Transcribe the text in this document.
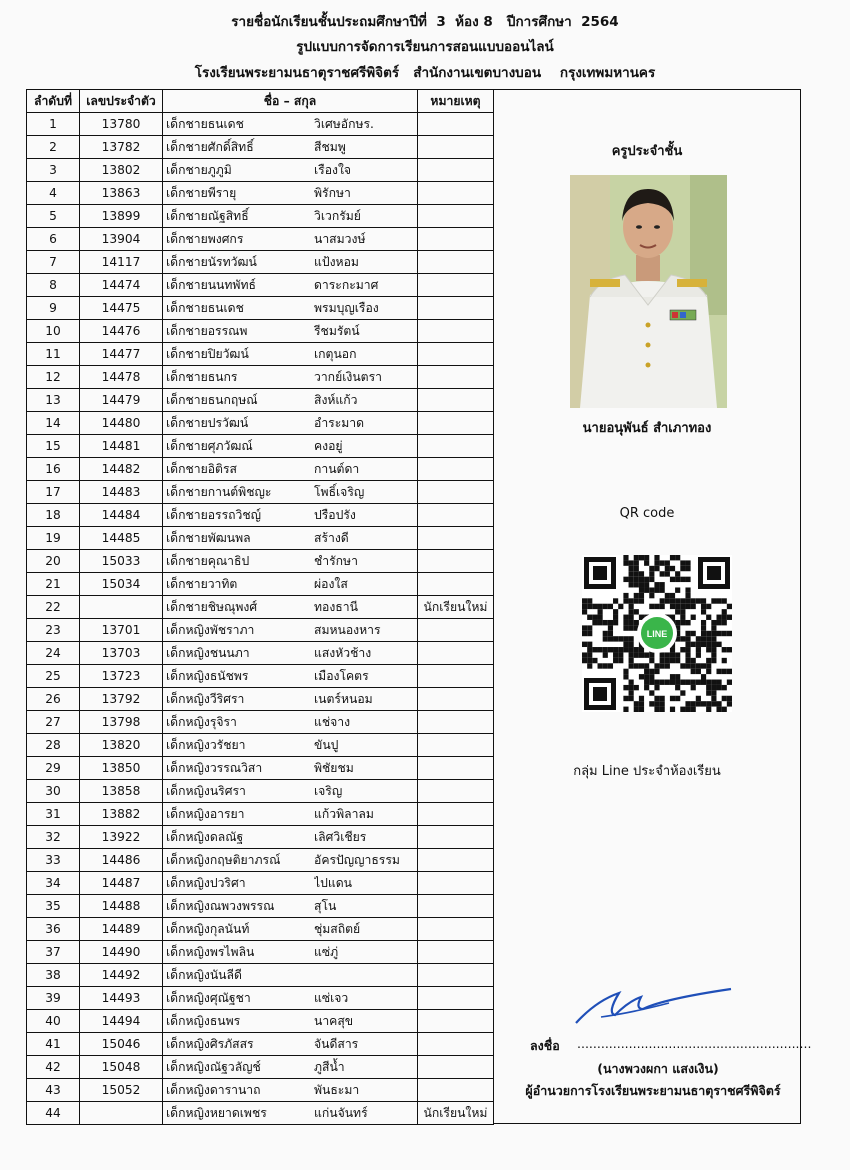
รายชื่อนักเรียนชั้นประถมศึกษาปีที่  3  ห้อง 8   ปีการศึกษา  2564
รูปแบบการจัดการเรียนการสอนแบบออนไลน์
โรงเรียนพระยามนธาตุราชศรีพิจิตร์   สำนักงานเขตบางบอน    กรุงเทพมหานคร
ลำดับที่	เลขประจำตัว	ชื่อ – สกุล	หมายเหตุ
1	13780	เด็กชายธนเดช วิเศษอักษร.	

2	13782	เด็กชายศักดิ์สิทธิ์ สีชมพู	

3	13802	เด็กชายภูภูมิ เรืองใจ	

4	13863	เด็กชายพีรายุ พิรักษา	

5	13899	เด็กชายณัฐสิทธิ์ วิเวกรัมย์	

6	13904	เด็กชายพงศกร นาสมวงษ์	

7	14117	เด็กชายนัรทวัฒน์ แป้งหอม	

8	14474	เด็กชายนนทพัทธ์ ดาระกะมาศ	

9	14475	เด็กชายธนเดช พรมบุญเรือง	

10	14476	เด็กชายอรรณพ รีชมรัตน์	

11	14477	เด็กชายปิยวัฒน์ เกตุนอก	

12	14478	เด็กชายธนกร วากย์เงินตรา	

13	14479	เด็กชายธนกฤษณ์ สิงห์แก้ว	

14	14480	เด็กชายปรวัฒน์ อำระมาด	

15	14481	เด็กชายศุภวัฒณ์ คงอยู่	

16	14482	เด็กชายอิติรส กานต์ดา	

17	14483	เด็กชายกานต์พิชญะ โพธิ์เจริญ	

18	14484	เด็กชายอรรถวิชญ์ ปรือปรัง	

19	14485	เด็กชายพัฒนพล สร้างดี	

20	15033	เด็กชายคุณาธิป ชำรักษา	

21	15034	เด็กชายวาทิต ผ่องใส	

22		เด็กชายชิษณุพงศ์ ทองธานี	นักเรียนใหม่
23	13701	เด็กหญิงพัชราภา สมหนองหาร	

24	13703	เด็กหญิงชนนภา แสงหัวช้าง	

25	13723	เด็กหญิงธนัชพร เมืองโคตร	

26	13792	เด็กหญิงวีริศรา เนตร์หนอม	

27	13798	เด็กหญิงรุจิรา แช่จาง	

28	13820	เด็กหญิงวรัชยา ขันปู	

29	13850	เด็กหญิงวรรณวิสา พิชัยชม	

30	13858	เด็กหญิงนริศรา เจริญ	

31	13882	เด็กหญิงอารยา แก้วพิลาลม	

32	13922	เด็กหญิงดลณัฐ เลิศวิเชียร	

33	14486	เด็กหญิงกฤษติยาภรณ์ อัครปัญญาธรรม	

34	14487	เด็กหญิงปวริศา ไปแดน	

35	14488	เด็กหญิงณพวงพรรณ สุโน	

36	14489	เด็กหญิงกุลนันท์ ชุ่มสถิตย์	

37	14490	เด็กหญิงพรไพลิน แซ่ภู่	

38	14492	เด็กหญิงนันลีดี	

39	14493	เด็กหญิงศุณัฐชา แซ่เจว	

40	14494	เด็กหญิงธนพร นาคสุข	

41	15046	เด็กหญิงศิรภัสสร จันดีสาร	

42	15048	เด็กหญิงณัฐวลัญช์ ภูสีน้ำ	

43	15052	เด็กหญิงดารานาถ พันธะมา	

44		เด็กหญิงหยาดเพชร แก่นจันทร์	นักเรียนใหม่
ครูประจำชั้น
นายอนุพันธ์ สำเภาทอง
QR code
LINE
กลุ่ม Line ประจำห้องเรียน
ลงชื่อ ...........................................................
(นางพวงผกา แสงเงิน)
ผู้อำนวยการโรงเรียนพระยามนธาตุราชศรีพิจิตร์
